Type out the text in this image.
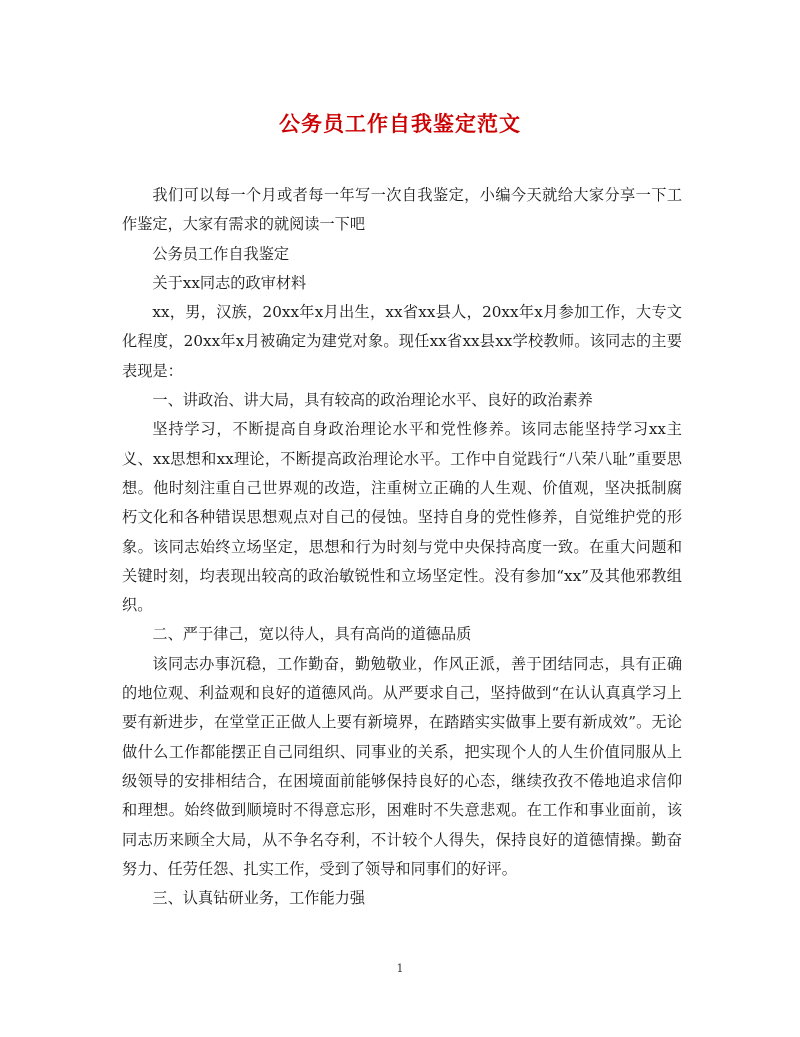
公务员工作自我鉴定范文

我们可以每一个月或者每一年写一次自我鉴定，小编今天就给大家分享一下工作鉴定，大家有需求的就阅读一下吧

公务员工作自我鉴定

关于xx同志的政审材料

xx，男，汉族，20xx年x月出生，xx省xx县人，20xx年x月参加工作，大专文化程度，20xx年x月被确定为建党对象。现任xx省xx县xx学校教师。该同志的主要表现是：

一、讲政治、讲大局，具有较高的政治理论水平、良好的政治素养

坚持学习，不断提高自身政治理论水平和党性修养。该同志能坚持学习xx主义、xx思想和xx理论，不断提高政治理论水平。工作中自觉践行“八荣八耻”重要思想。他时刻注重自己世界观的改造，注重树立正确的人生观、价值观，坚决抵制腐朽文化和各种错误思想观点对自己的侵蚀。坚持自身的党性修养，自觉维护党的形象。该同志始终立场坚定，思想和行为时刻与党中央保持高度一致。在重大问题和关键时刻，均表现出较高的政治敏锐性和立场坚定性。没有参加“xx”及其他邪教组织。

二、严于律己，宽以待人，具有高尚的道德品质

该同志办事沉稳，工作勤奋，勤勉敬业，作风正派，善于团结同志，具有正确的地位观、利益观和良好的道德风尚。从严要求自己，坚持做到“在认认真真学习上要有新进步，在堂堂正正做人上要有新境界，在踏踏实实做事上要有新成效”。无论做什么工作都能摆正自己同组织、同事业的关系，把实现个人的人生价值同服从上级领导的安排相结合，在困境面前能够保持良好的心态，继续孜孜不倦地追求信仰和理想。始终做到顺境时不得意忘形，困难时不失意悲观。在工作和事业面前，该同志历来顾全大局，从不争名夺利，不计较个人得失，保持良好的道德情操。勤奋努力、任劳任怨、扎实工作，受到了领导和同事们的好评。

三、认真钻研业务，工作能力强

1
